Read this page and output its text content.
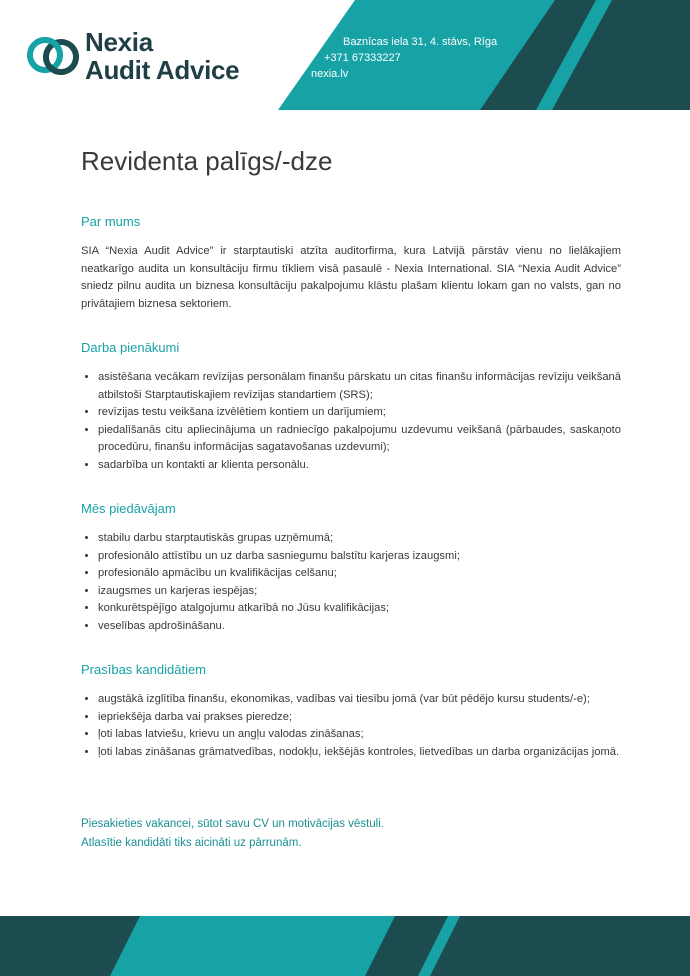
Nexia
Audit Advice
Baznīcas iela 31, 4. stāvs, Rīga
+371 67333227
nexia.lv
Revidenta palīgs/-dze
Par mums

SIA “Nexia Audit Advice” ir starptautiski atzīta auditorfirma, kura Latvijā pārstāv vienu no lielākajiem neatkarīgo audita un konsultāciju firmu tīkliem visā pasaulē - Nexia International. SIA “Nexia Audit Advice” sniedz pilnu audita un biznesa konsultāciju pakalpojumu klāstu plašam klientu lokam gan no valsts, gan no privātajiem biznesa sektoriem.

Darba pienākumi
• asistēšana vecākam revīzijas personālam finanšu pārskatu un citas finanšu informācijas revīziju veikšanā atbilstoši Starptautiskajiem revīzijas standartiem (SRS);
• revīzijas testu veikšana izvēlētiem kontiem un darījumiem;
• piedalīšanās citu apliecinājuma un radniecīgo pakalpojumu uzdevumu veikšanā (pārbaudes, saskaņoto procedūru, finanšu informācijas sagatavošanas uzdevumi);
• sadarbība un kontakti ar klienta personālu.
Mēs piedāvājam
• stabilu darbu starptautiskās grupas uzņēmumā;
• profesionālo attīstību un uz darba sasniegumu balstītu karjeras izaugsmi;
• profesionālo apmācību un kvalifikācijas celšanu;
• izaugsmes un karjeras iespējas;
• konkurētspējīgo atalgojumu atkarībā no Jūsu kvalifikācijas;
• veselības apdrošināšanu.
Prasības kandidātiem
• augstākā izglītība finanšu, ekonomikas, vadības vai tiesību jomā (var būt pēdējo kursu students/-e);
• iepriekšēja darba vai prakses pieredze;
• ļoti labas latviešu, krievu un angļu valodas zināšanas;
• ļoti labas zināšanas grāmatvedības, nodokļu, iekšējās kontroles, lietvedības un darba organizācijas jomā.
Piesakieties vakancei, sūtot savu CV un motivācijas vēstuli.
Atlasītie kandidāti tiks aicināti uz pārrunām.
